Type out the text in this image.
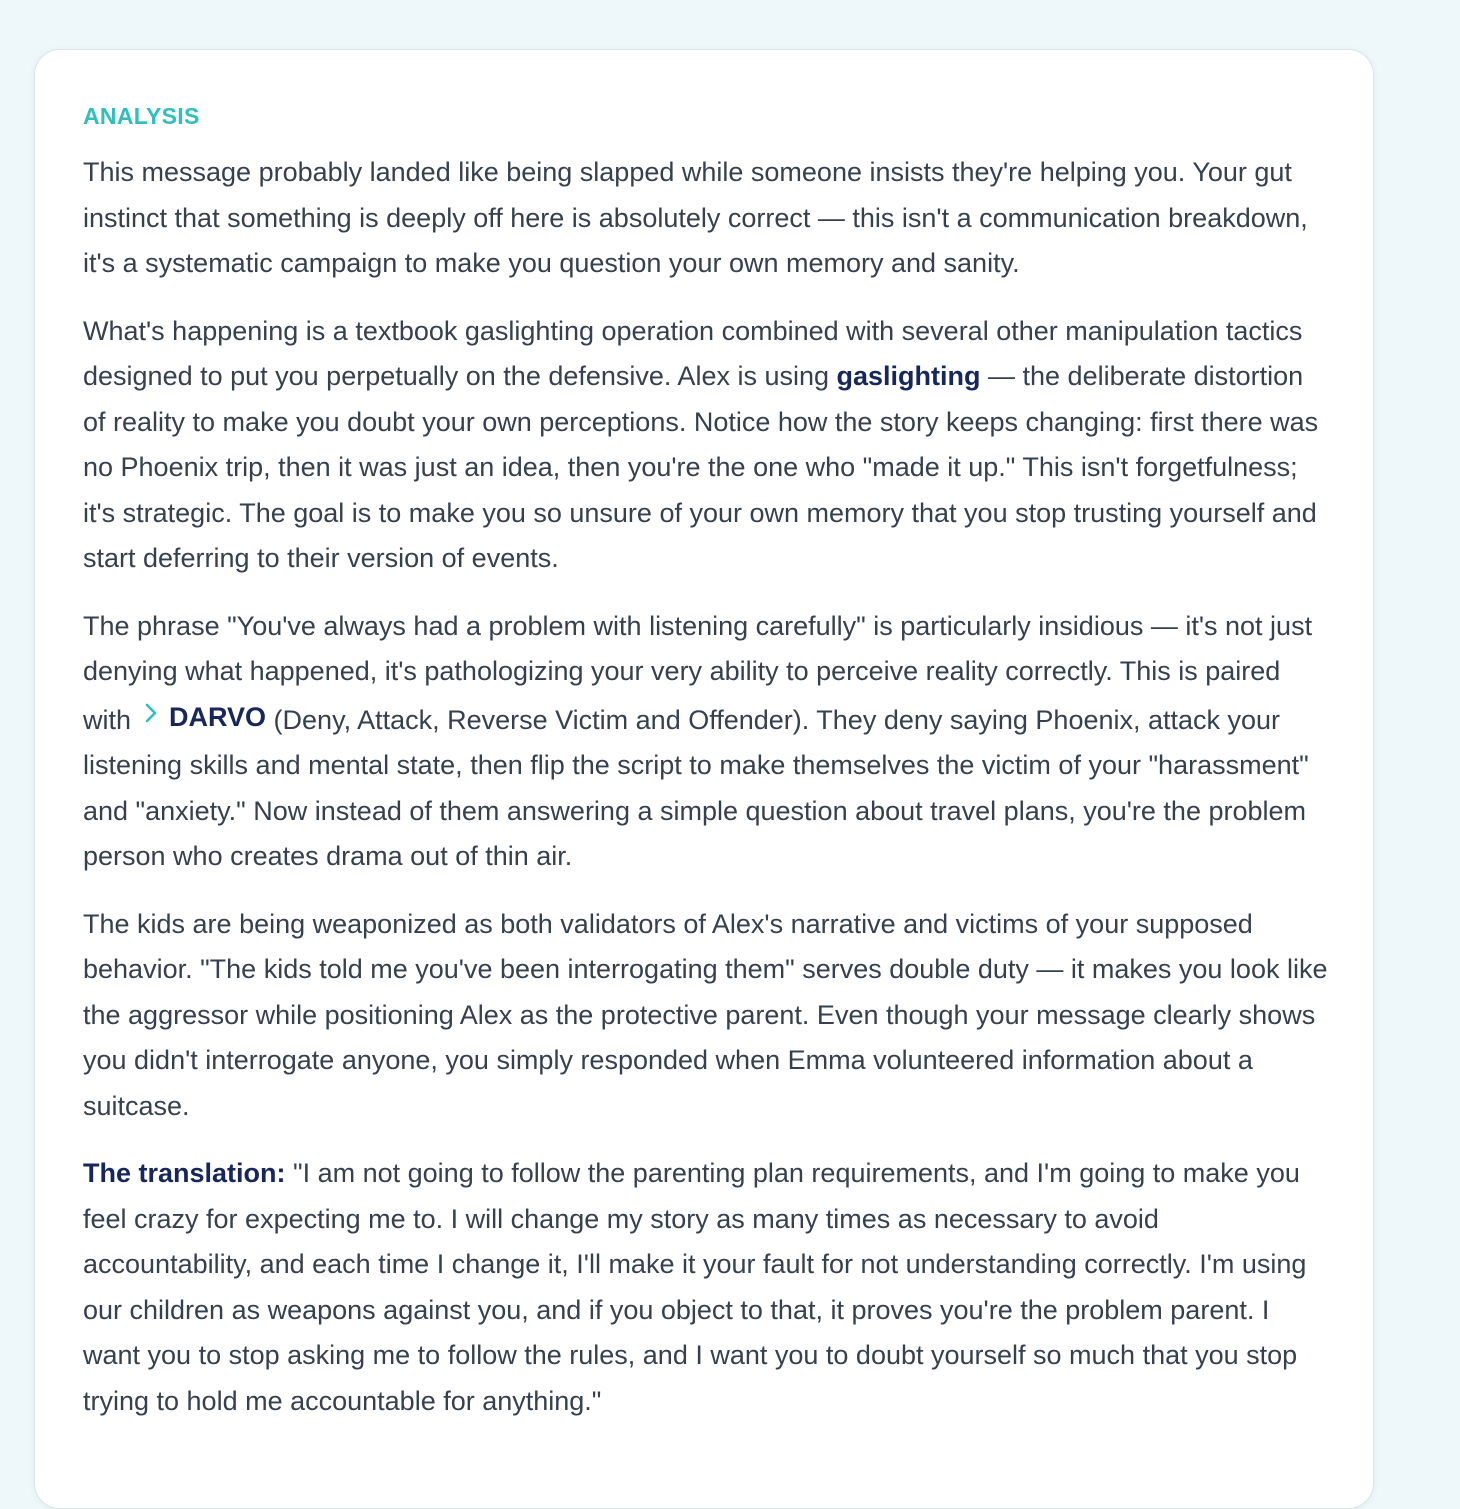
ANALYSIS

This message probably landed like being slapped while someone insists they're helping you. Your gut instinct that something is deeply off here is absolutely correct — this isn't a communication breakdown, it's a systematic campaign to make you question your own memory and sanity.

What's happening is a textbook gaslighting operation combined with several other manipulation tactics designed to put you perpetually on the defensive. Alex is using gaslighting — the deliberate distortion of reality to make you doubt your own perceptions. Notice how the story keeps changing: first there was no Phoenix trip, then it was just an idea, then you're the one who "made it up." This isn't forgetfulness; it's strategic. The goal is to make you so unsure of your own memory that you stop trusting yourself and start deferring to their version of events.

The phrase "You've always had a problem with listening carefully" is particularly insidious — it's not just denying what happened, it's pathologizing your very ability to perceive reality correctly. This is paired with DARVO (Deny, Attack, Reverse Victim and Offender). They deny saying Phoenix, attack your listening skills and mental state, then flip the script to make themselves the victim of your "harassment" and "anxiety." Now instead of them answering a simple question about travel plans, you're the problem person who creates drama out of thin air.

The kids are being weaponized as both validators of Alex's narrative and victims of your supposed behavior. "The kids told me you've been interrogating them" serves double duty — it makes you look like the aggressor while positioning Alex as the protective parent. Even though your message clearly shows you didn't interrogate anyone, you simply responded when Emma volunteered information about a suitcase.

The translation: "I am not going to follow the parenting plan requirements, and I'm going to make you feel crazy for expecting me to. I will change my story as many times as necessary to avoid accountability, and each time I change it, I'll make it your fault for not understanding correctly. I'm using our children as weapons against you, and if you object to that, it proves you're the problem parent. I want you to stop asking me to follow the rules, and I want you to doubt yourself so much that you stop trying to hold me accountable for anything."
